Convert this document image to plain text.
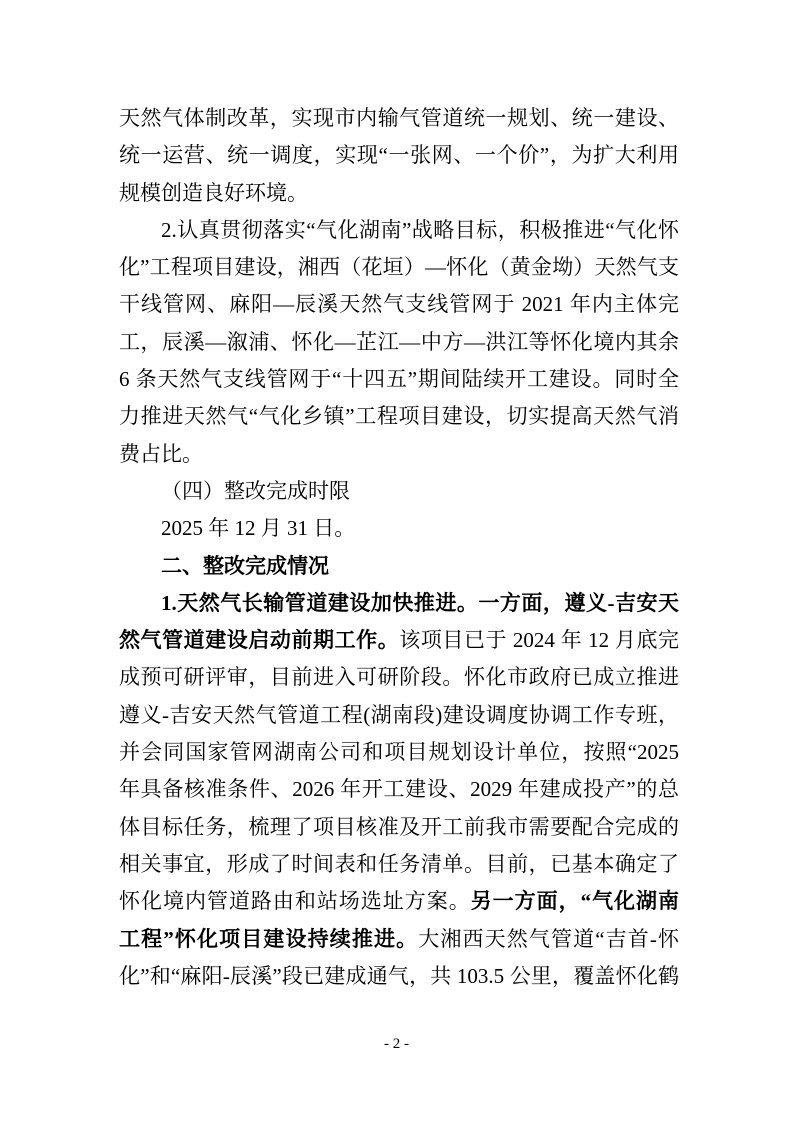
天然气体制改革，实现市内输气管道统一规划、统一建设、
统一运营、统一调度，实现“一张网、一个价”，为扩大利用
规模创造良好环境。
2.认真贯彻落实“气化湖南”战略目标，积极推进“气化怀
化”工程项目建设，湘西（花垣）—怀化（黄金坳）天然气支
干线管网、麻阳—辰溪天然气支线管网于 2021 年内主体完
工，辰溪—溆浦、怀化—芷江—中方—洪江等怀化境内其余
6 条天然气支线管网于“十四五”期间陆续开工建设。同时全
力推进天然气“气化乡镇”工程项目建设，切实提高天然气消
费占比。
（四）整改完成时限
2025 年 12 月 31 日。
二、整改完成情况
1.天然气长输管道建设加快推进。一方面，遵义-吉安天
然气管道建设启动前期工作。该项目已于 2024 年 12 月底完
成预可研评审，目前进入可研阶段。怀化市政府已成立推进
遵义-吉安天然气管道工程(湖南段)建设调度协调工作专班，
并会同国家管网湖南公司和项目规划设计单位，按照“2025
年具备核准条件、2026 年开工建设、2029 年建成投产”的总
体目标任务，梳理了项目核准及开工前我市需要配合完成的
相关事宜，形成了时间表和任务清单。目前，已基本确定了
怀化境内管道路由和站场选址方案。另一方面，“气化湖南
工程”怀化项目建设持续推进。大湘西天然气管道“吉首-怀
化”和“麻阳-辰溪”段已建成通气，共 103.5 公里，覆盖怀化鹤
- 2 -
